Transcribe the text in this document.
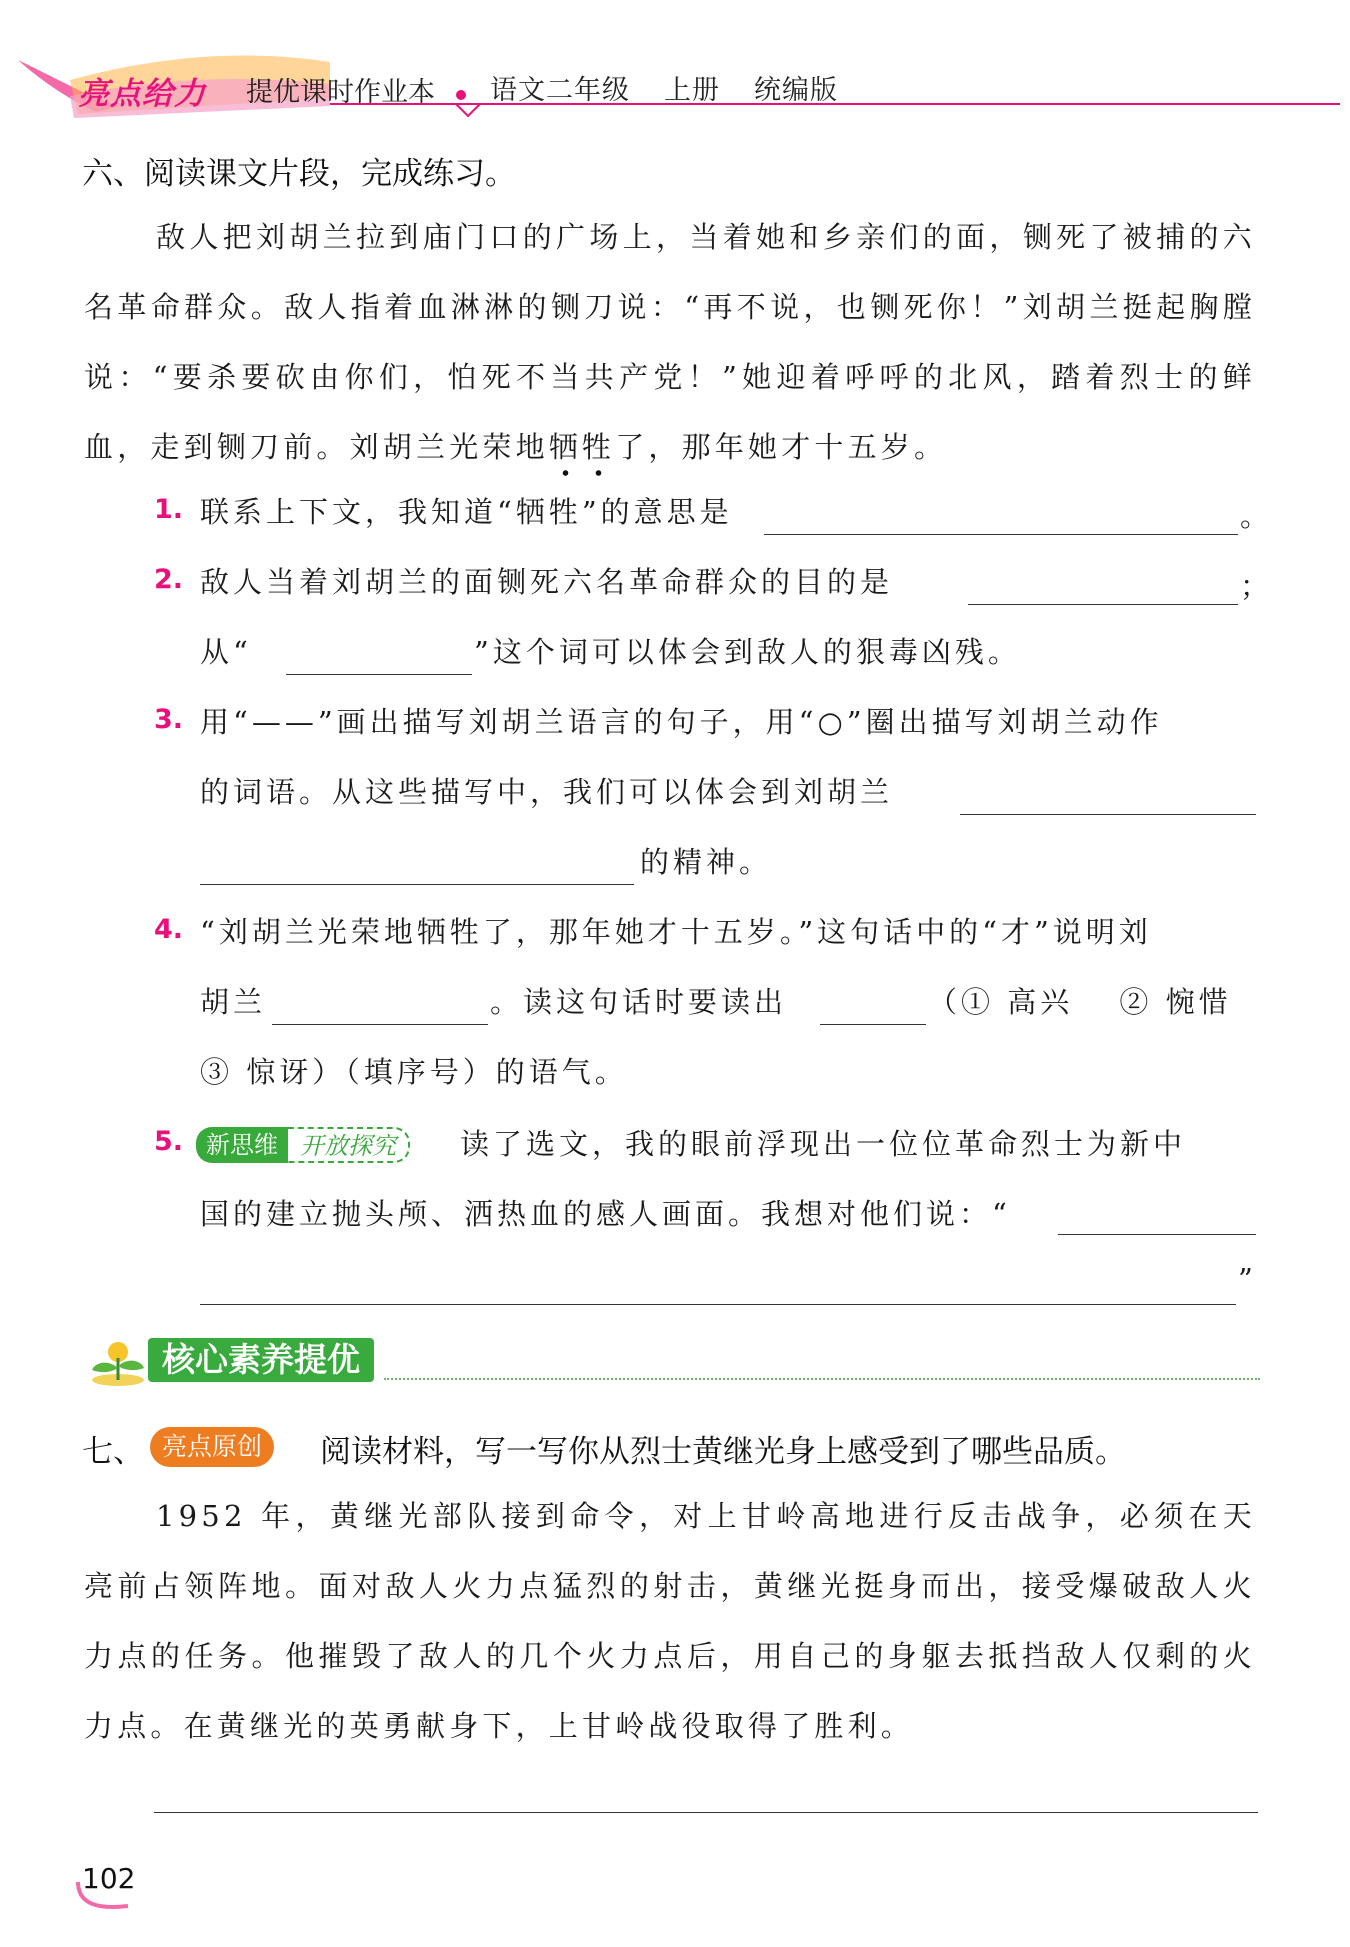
亮点给力 提优课时作业本 语文二年级 上册 统编版
六、阅读课文片段，完成练习。
敌人把刘胡兰拉到庙门口的广场上，当着她和乡亲们的面，铡死了被捕的六名革命群众。敌人指着血淋淋的铡刀说：“再不说，也铡死你！”刘胡兰挺起胸膛说：“要杀要砍由你们，怕死不当共产党！”她迎着呼呼的北风，踏着烈士的鲜血，走到铡刀前。刘胡兰光荣地牺牲了，那年她才十五岁。
1. 联系上下文，我知道“牺牲”的意思是	。
2. 敌人当着刘胡兰的面铡死六名革命群众的目的是	；
从“	”这个词可以体会到敌人的狠毒凶残。
3. 用“——”画出描写刘胡兰语言的句子，用“○”圈出描写刘胡兰动作
的词语。从这些描写中，我们可以体会到刘胡兰
的精神。
4. “刘胡兰光荣地牺牲了，那年她才十五岁。”这句话中的“才”说明刘
胡兰	。读这句话时要读出	（① 高兴　 ② 惋惜
③ 惊讶）（填序号）的语气。
5. 新思维 开放探究	读了选文，我的眼前浮现出一位位革命烈士为新中
国的建立抛头颅、洒热血的感人画面。我想对他们说：“
”
核心素养提优
七、 亮点原创	阅读材料，写一写你从烈士黄继光身上感受到了哪些品质。
1952 年，黄继光部队接到命令，对上甘岭高地进行反击战争，必须在天亮前占领阵地。面对敌人火力点猛烈的射击，黄继光挺身而出，接受爆破敌人火力点的任务。他摧毁了敌人的几个火力点后，用自己的身躯去抵挡敌人仅剩的火力点。在黄继光的英勇献身下，上甘岭战役取得了胜利。
102
